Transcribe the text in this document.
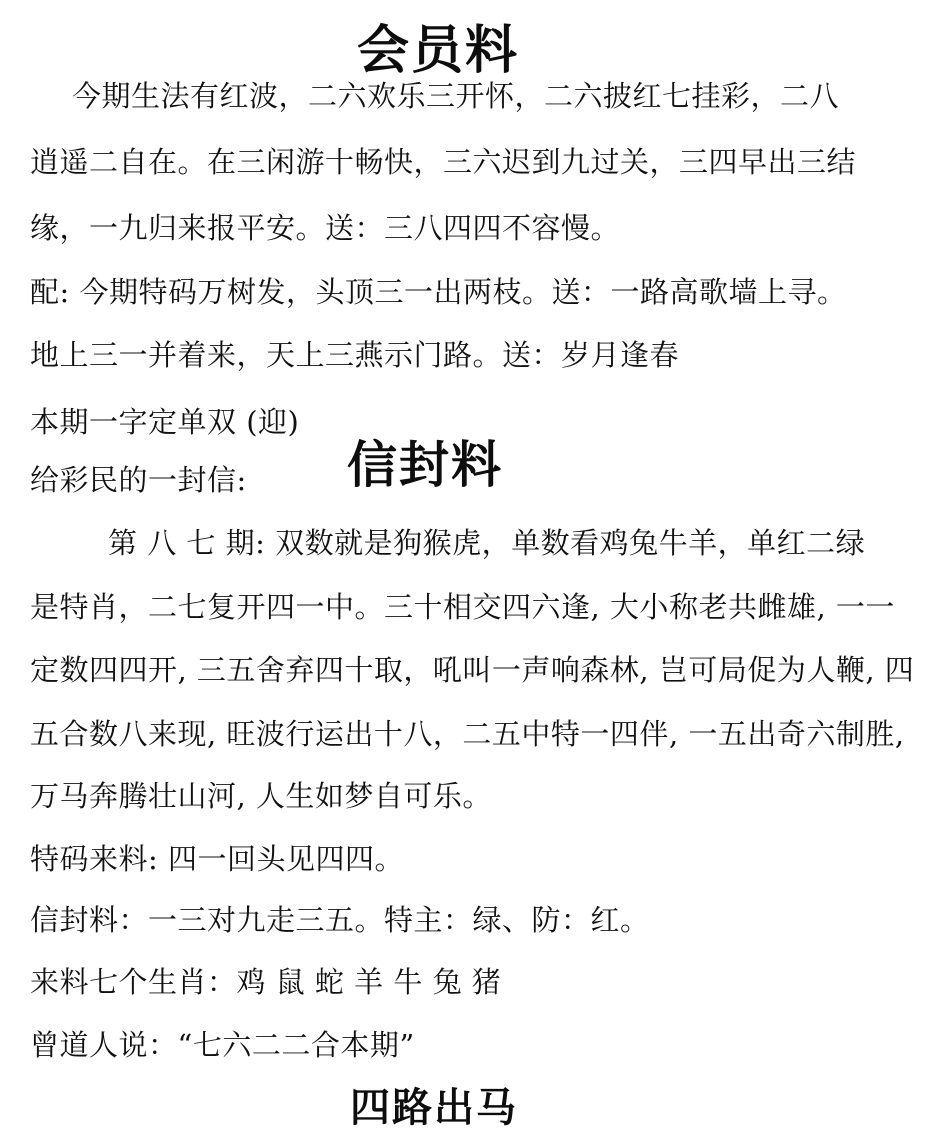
会员料
今期生法有红波，二六欢乐三开怀，二六披红七挂彩，二八
逍遥二自在。在三闲游十畅快，三六迟到九过关，三四早出三结
缘，一九归来报平安。送：三八四四不容慢。
配: 今期特码万树发，头顶三一出两枝。送：一路高歌墙上寻。
地上三一并着来，天上三燕示门路。送：岁月逢春
本期一字定单双 (迎)
信封料
给彩民的一封信:
第 八 七 期: 双数就是狗猴虎，单数看鸡兔牛羊，单红二绿
是特肖，二七复开四一中。三十相交四六逢, 大小称老共雌雄, 一一
定数四四开, 三五舍弃四十取，吼叫一声响森林, 岂可局促为人鞭, 四
五合数八来现, 旺波行运出十八，二五中特一四伴, 一五出奇六制胜,
万马奔腾壮山河, 人生如梦自可乐。
特码来料: 四一回头见四四。
信封料：一三对九走三五。特主：绿、防：红。
来料七个生肖：鸡 鼠 蛇 羊 牛 兔 猪
曾道人说：“七六二二合本期”
四路出马
